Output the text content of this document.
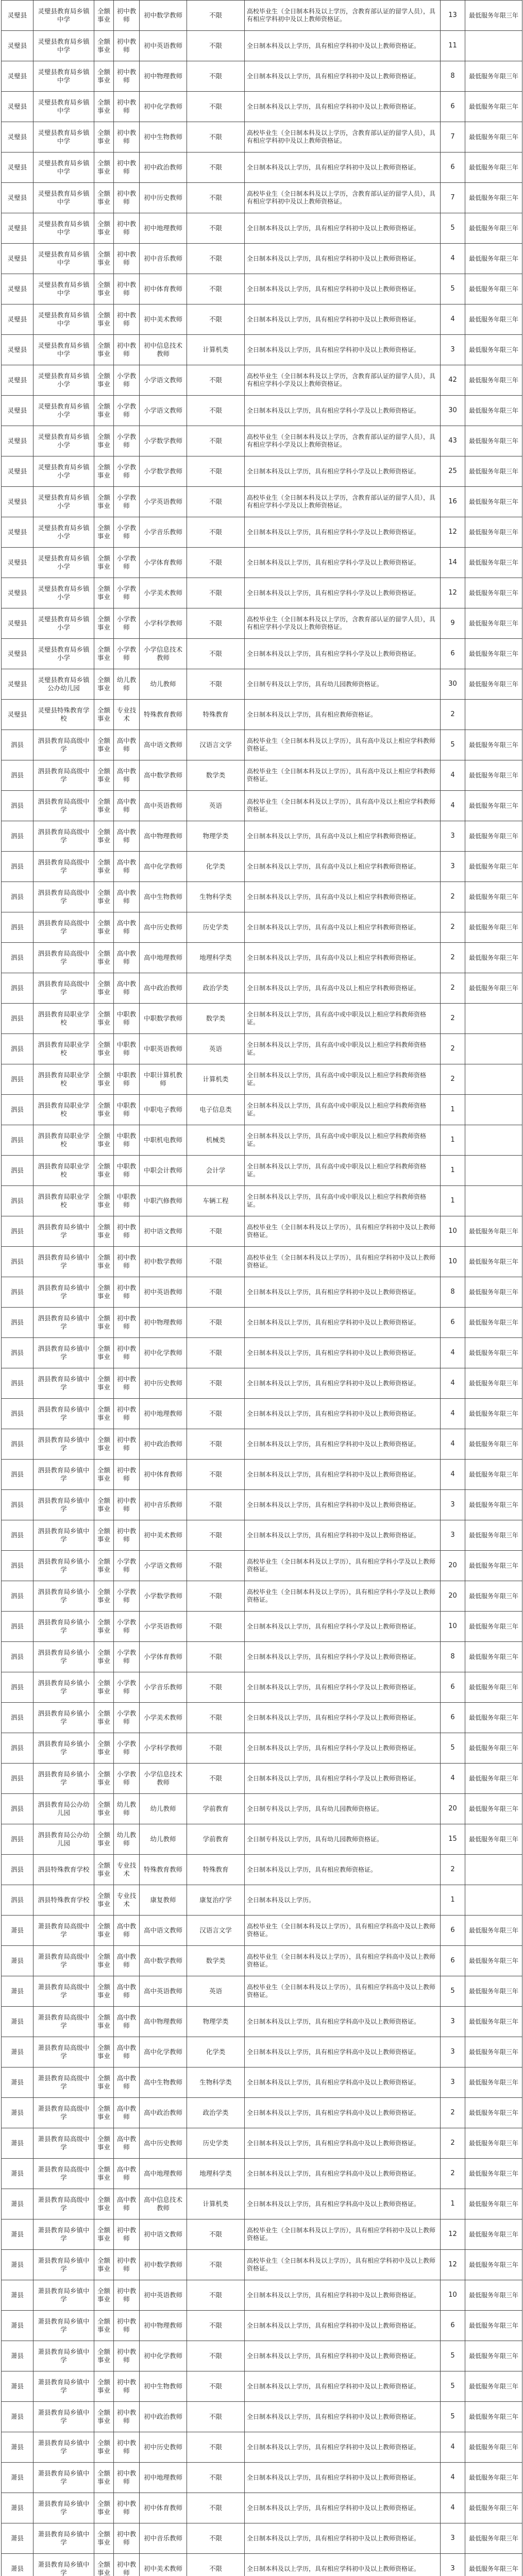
灵璧县	灵璧县教育局乡镇中学	全额事业	初中教师	初中数学教师	不限	高校毕业生（全日制本科及以上学历，含教育部认证的留学人员），具有相应学科初中及以上教师资格证。	13	最低服务年限三年
灵璧县	灵璧县教育局乡镇中学	全额事业	初中教师	初中英语教师	不限	全日制本科及以上学历，具有相应学科初中及以上教师资格证。	11	
灵璧县	灵璧县教育局乡镇中学	全额事业	初中教师	初中物理教师	不限	全日制本科及以上学历，具有相应学科初中及以上教师资格证。	8	最低服务年限三年
灵璧县	灵璧县教育局乡镇中学	全额事业	初中教师	初中化学教师	不限	全日制本科及以上学历，具有相应学科初中及以上教师资格证。	6	最低服务年限三年
灵璧县	灵璧县教育局乡镇中学	全额事业	初中教师	初中生物教师	不限	高校毕业生（全日制本科及以上学历，含教育部认证的留学人员），具有相应学科初中及以上教师资格证。	7	最低服务年限三年
灵璧县	灵璧县教育局乡镇中学	全额事业	初中教师	初中政治教师	不限	全日制本科及以上学历，具有相应学科初中及以上教师资格证。	6	最低服务年限三年
灵璧县	灵璧县教育局乡镇中学	全额事业	初中教师	初中历史教师	不限	高校毕业生（全日制本科及以上学历，含教育部认证的留学人员），具有相应学科初中及以上教师资格证。	7	最低服务年限三年
灵璧县	灵璧县教育局乡镇中学	全额事业	初中教师	初中地理教师	不限	全日制本科及以上学历，具有相应学科初中及以上教师资格证。	5	最低服务年限三年
灵璧县	灵璧县教育局乡镇中学	全额事业	初中教师	初中音乐教师	不限	全日制本科及以上学历，具有相应学科初中及以上教师资格证。	4	最低服务年限三年
灵璧县	灵璧县教育局乡镇中学	全额事业	初中教师	初中体育教师	不限	全日制本科及以上学历，具有相应学科初中及以上教师资格证。	5	最低服务年限三年
灵璧县	灵璧县教育局乡镇中学	全额事业	初中教师	初中美术教师	不限	全日制本科及以上学历，具有相应学科初中及以上教师资格证。	4	最低服务年限三年
灵璧县	灵璧县教育局乡镇中学	全额事业	初中教师	初中信息技术教师	计算机类	全日制本科及以上学历，具有相应学科初中及以上教师资格证。	3	最低服务年限三年
灵璧县	灵璧县教育局乡镇小学	全额事业	小学教师	小学语文教师	不限	高校毕业生（全日制本科及以上学历，含教育部认证的留学人员），具有相应学科小学及以上教师资格证。	42	最低服务年限三年
灵璧县	灵璧县教育局乡镇小学	全额事业	小学教师	小学语文教师	不限	全日制本科及以上学历，具有相应学科小学及以上教师资格证。	30	最低服务年限三年
灵璧县	灵璧县教育局乡镇小学	全额事业	小学教师	小学数学教师	不限	高校毕业生（全日制本科及以上学历，含教育部认证的留学人员），具有相应学科小学及以上教师资格证。	43	最低服务年限三年
灵璧县	灵璧县教育局乡镇小学	全额事业	小学教师	小学数学教师	不限	全日制本科及以上学历，具有相应学科小学及以上教师资格证。	25	最低服务年限三年
灵璧县	灵璧县教育局乡镇小学	全额事业	小学教师	小学英语教师	不限	高校毕业生（全日制本科及以上学历，含教育部认证的留学人员），具有相应学科小学及以上教师资格证。	16	最低服务年限三年
灵璧县	灵璧县教育局乡镇小学	全额事业	小学教师	小学音乐教师	不限	全日制本科及以上学历，具有相应学科小学及以上教师资格证。	12	最低服务年限三年
灵璧县	灵璧县教育局乡镇小学	全额事业	小学教师	小学体育教师	不限	全日制本科及以上学历，具有相应学科小学及以上教师资格证。	14	最低服务年限三年
灵璧县	灵璧县教育局乡镇小学	全额事业	小学教师	小学美术教师	不限	全日制本科及以上学历，具有相应学科小学及以上教师资格证。	12	最低服务年限三年
灵璧县	灵璧县教育局乡镇小学	全额事业	小学教师	小学科学教师	不限	高校毕业生（全日制本科及以上学历，含教育部认证的留学人员），具有相应学科小学及以上教师资格证。	9	最低服务年限三年
灵璧县	灵璧县教育局乡镇小学	全额事业	小学教师	小学信息技术教师	不限	全日制本科及以上学历，具有相应学科小学及以上教师资格证。	6	最低服务年限三年
灵璧县	灵璧县教育局乡镇公办幼儿园	全额事业	幼儿教师	幼儿教师	不限	全日制专科及以上学历，具有幼儿园教师资格证。	30	最低服务年限三年
灵璧县	灵璧县特殊教育学校	全额事业	专业技术	特殊教育教师	特殊教育	全日制本科及以上学历，具有相应教师资格证。	2	
泗县	泗县教育局高级中学	全额事业	高中教师	高中语文教师	汉语言文学	高校毕业生（全日制本科及以上学历），具有高中及以上相应学科教师资格证。	5	最低服务年限三年
泗县	泗县教育局高级中学	全额事业	高中教师	高中数学教师	数学类	高校毕业生（全日制本科及以上学历），具有高中及以上相应学科教师资格证。	4	最低服务年限三年
泗县	泗县教育局高级中学	全额事业	高中教师	高中英语教师	英语	高校毕业生（全日制本科及以上学历），具有高中及以上相应学科教师资格证。	4	最低服务年限三年
泗县	泗县教育局高级中学	全额事业	高中教师	高中物理教师	物理学类	全日制本科及以上学历，具有高中及以上相应学科教师资格证。	3	最低服务年限三年
泗县	泗县教育局高级中学	全额事业	高中教师	高中化学教师	化学类	全日制本科及以上学历，具有高中及以上相应学科教师资格证。	3	最低服务年限三年
泗县	泗县教育局高级中学	全额事业	高中教师	高中生物教师	生物科学类	全日制本科及以上学历，具有高中及以上相应学科教师资格证。	2	最低服务年限三年
泗县	泗县教育局高级中学	全额事业	高中教师	高中历史教师	历史学类	全日制本科及以上学历，具有高中及以上相应学科教师资格证。	2	最低服务年限三年
泗县	泗县教育局高级中学	全额事业	高中教师	高中地理教师	地理科学类	全日制本科及以上学历，具有高中及以上相应学科教师资格证。	2	最低服务年限三年
泗县	泗县教育局高级中学	全额事业	高中教师	高中政治教师	政治学类	全日制本科及以上学历，具有高中及以上相应学科教师资格证。	2	最低服务年限三年
泗县	泗县教育局职业学校	全额事业	中职教师	中职数学教师	数学类	全日制本科及以上学历，具有高中或中职及以上相应学科教师资格证。	2	
泗县	泗县教育局职业学校	全额事业	中职教师	中职英语教师	英语	全日制本科及以上学历，具有高中或中职及以上相应学科教师资格证。	2	
泗县	泗县教育局职业学校	全额事业	中职教师	中职计算机教师	计算机类	全日制本科及以上学历，具有高中或中职及以上相应学科教师资格证。	2	
泗县	泗县教育局职业学校	全额事业	中职教师	中职电子教师	电子信息类	全日制本科及以上学历，具有高中或中职及以上相应学科教师资格证。	1	
泗县	泗县教育局职业学校	全额事业	中职教师	中职机电教师	机械类	全日制本科及以上学历，具有高中或中职及以上相应学科教师资格证。	1	
泗县	泗县教育局职业学校	全额事业	中职教师	中职会计教师	会计学	全日制本科及以上学历，具有高中或中职及以上相应学科教师资格证。	1	
泗县	泗县教育局职业学校	全额事业	中职教师	中职汽修教师	车辆工程	全日制本科及以上学历，具有高中或中职及以上相应学科教师资格证。	1	
泗县	泗县教育局乡镇中学	全额事业	初中教师	初中语文教师	不限	高校毕业生（全日制本科及以上学历），具有相应学科初中及以上教师资格证。	10	最低服务年限三年
泗县	泗县教育局乡镇中学	全额事业	初中教师	初中数学教师	不限	高校毕业生（全日制本科及以上学历），具有相应学科初中及以上教师资格证。	10	最低服务年限三年
泗县	泗县教育局乡镇中学	全额事业	初中教师	初中英语教师	不限	全日制本科及以上学历，具有相应学科初中及以上教师资格证。	8	最低服务年限三年
泗县	泗县教育局乡镇中学	全额事业	初中教师	初中物理教师	不限	全日制本科及以上学历，具有相应学科初中及以上教师资格证。	6	最低服务年限三年
泗县	泗县教育局乡镇中学	全额事业	初中教师	初中化学教师	不限	全日制本科及以上学历，具有相应学科初中及以上教师资格证。	4	最低服务年限三年
泗县	泗县教育局乡镇中学	全额事业	初中教师	初中历史教师	不限	全日制本科及以上学历，具有相应学科初中及以上教师资格证。	4	最低服务年限三年
泗县	泗县教育局乡镇中学	全额事业	初中教师	初中地理教师	不限	全日制本科及以上学历，具有相应学科初中及以上教师资格证。	4	最低服务年限三年
泗县	泗县教育局乡镇中学	全额事业	初中教师	初中政治教师	不限	全日制本科及以上学历，具有相应学科初中及以上教师资格证。	4	最低服务年限三年
泗县	泗县教育局乡镇中学	全额事业	初中教师	初中体育教师	不限	全日制本科及以上学历，具有相应学科初中及以上教师资格证。	4	最低服务年限三年
泗县	泗县教育局乡镇中学	全额事业	初中教师	初中音乐教师	不限	全日制本科及以上学历，具有相应学科初中及以上教师资格证。	3	最低服务年限三年
泗县	泗县教育局乡镇中学	全额事业	初中教师	初中美术教师	不限	全日制本科及以上学历，具有相应学科初中及以上教师资格证。	3	最低服务年限三年
泗县	泗县教育局乡镇小学	全额事业	小学教师	小学语文教师	不限	高校毕业生（全日制本科及以上学历），具有相应学科小学及以上教师资格证。	20	最低服务年限三年
泗县	泗县教育局乡镇小学	全额事业	小学教师	小学数学教师	不限	高校毕业生（全日制本科及以上学历），具有相应学科小学及以上教师资格证。	20	最低服务年限三年
泗县	泗县教育局乡镇小学	全额事业	小学教师	小学英语教师	不限	全日制本科及以上学历，具有相应学科小学及以上教师资格证。	10	最低服务年限三年
泗县	泗县教育局乡镇小学	全额事业	小学教师	小学体育教师	不限	全日制本科及以上学历，具有相应学科小学及以上教师资格证。	8	最低服务年限三年
泗县	泗县教育局乡镇小学	全额事业	小学教师	小学音乐教师	不限	全日制本科及以上学历，具有相应学科小学及以上教师资格证。	6	最低服务年限三年
泗县	泗县教育局乡镇小学	全额事业	小学教师	小学美术教师	不限	全日制本科及以上学历，具有相应学科小学及以上教师资格证。	6	最低服务年限三年
泗县	泗县教育局乡镇小学	全额事业	小学教师	小学科学教师	不限	全日制本科及以上学历，具有相应学科小学及以上教师资格证。	5	最低服务年限三年
泗县	泗县教育局乡镇小学	全额事业	小学教师	小学信息技术教师	不限	全日制本科及以上学历，具有相应学科小学及以上教师资格证。	4	最低服务年限三年
泗县	泗县教育局公办幼儿园	全额事业	幼儿教师	幼儿教师	学前教育	全日制专科及以上学历，具有幼儿园教师资格证。	20	最低服务年限三年
泗县	泗县教育局公办幼儿园	全额事业	幼儿教师	幼儿教师	学前教育	全日制专科及以上学历，具有幼儿园教师资格证。	15	最低服务年限三年
泗县	泗县特殊教育学校	全额事业	专业技术	特殊教育教师	特殊教育	全日制本科及以上学历，具有相应教师资格证。	2	
泗县	泗县特殊教育学校	全额事业	专业技术	康复教师	康复治疗学	全日制本科及以上学历。	1	
萧县	萧县教育局高级中学	全额事业	高中教师	高中语文教师	汉语言文学	高校毕业生（全日制本科及以上学历），具有相应学科高中及以上教师资格证。	6	最低服务年限三年
萧县	萧县教育局高级中学	全额事业	高中教师	高中数学教师	数学类	高校毕业生（全日制本科及以上学历），具有相应学科高中及以上教师资格证。	6	最低服务年限三年
萧县	萧县教育局高级中学	全额事业	高中教师	高中英语教师	英语	高校毕业生（全日制本科及以上学历），具有相应学科高中及以上教师资格证。	5	最低服务年限三年
萧县	萧县教育局高级中学	全额事业	高中教师	高中物理教师	物理学类	全日制本科及以上学历，具有相应学科高中及以上教师资格证。	3	最低服务年限三年
萧县	萧县教育局高级中学	全额事业	高中教师	高中化学教师	化学类	全日制本科及以上学历，具有相应学科高中及以上教师资格证。	3	最低服务年限三年
萧县	萧县教育局高级中学	全额事业	高中教师	高中生物教师	生物科学类	全日制本科及以上学历，具有相应学科高中及以上教师资格证。	3	最低服务年限三年
萧县	萧县教育局高级中学	全额事业	高中教师	高中政治教师	政治学类	全日制本科及以上学历，具有相应学科高中及以上教师资格证。	2	最低服务年限三年
萧县	萧县教育局高级中学	全额事业	高中教师	高中历史教师	历史学类	全日制本科及以上学历，具有相应学科高中及以上教师资格证。	2	最低服务年限三年
萧县	萧县教育局高级中学	全额事业	高中教师	高中地理教师	地理科学类	全日制本科及以上学历，具有相应学科高中及以上教师资格证。	2	最低服务年限三年
萧县	萧县教育局高级中学	全额事业	高中教师	高中信息技术教师	计算机类	全日制本科及以上学历，具有相应学科高中及以上教师资格证。	1	最低服务年限三年
萧县	萧县教育局乡镇中学	全额事业	初中教师	初中语文教师	不限	高校毕业生（全日制本科及以上学历），具有相应学科初中及以上教师资格证。	12	最低服务年限三年
萧县	萧县教育局乡镇中学	全额事业	初中教师	初中数学教师	不限	高校毕业生（全日制本科及以上学历），具有相应学科初中及以上教师资格证。	12	最低服务年限三年
萧县	萧县教育局乡镇中学	全额事业	初中教师	初中英语教师	不限	全日制本科及以上学历，具有相应学科初中及以上教师资格证。	10	最低服务年限三年
萧县	萧县教育局乡镇中学	全额事业	初中教师	初中物理教师	不限	全日制本科及以上学历，具有相应学科初中及以上教师资格证。	6	最低服务年限三年
萧县	萧县教育局乡镇中学	全额事业	初中教师	初中化学教师	不限	全日制本科及以上学历，具有相应学科初中及以上教师资格证。	5	最低服务年限三年
萧县	萧县教育局乡镇中学	全额事业	初中教师	初中生物教师	不限	全日制本科及以上学历，具有相应学科初中及以上教师资格证。	5	最低服务年限三年
萧县	萧县教育局乡镇中学	全额事业	初中教师	初中政治教师	不限	全日制本科及以上学历，具有相应学科初中及以上教师资格证。	5	最低服务年限三年
萧县	萧县教育局乡镇中学	全额事业	初中教师	初中历史教师	不限	全日制本科及以上学历，具有相应学科初中及以上教师资格证。	4	最低服务年限三年
萧县	萧县教育局乡镇中学	全额事业	初中教师	初中地理教师	不限	全日制本科及以上学历，具有相应学科初中及以上教师资格证。	4	最低服务年限三年
萧县	萧县教育局乡镇中学	全额事业	初中教师	初中体育教师	不限	全日制本科及以上学历，具有相应学科初中及以上教师资格证。	4	最低服务年限三年
萧县	萧县教育局乡镇中学	全额事业	初中教师	初中音乐教师	不限	全日制本科及以上学历，具有相应学科初中及以上教师资格证。	3	最低服务年限三年
萧县	萧县教育局乡镇中学	全额事业	初中教师	初中美术教师	不限	全日制本科及以上学历，具有相应学科初中及以上教师资格证。	3	最低服务年限三年
